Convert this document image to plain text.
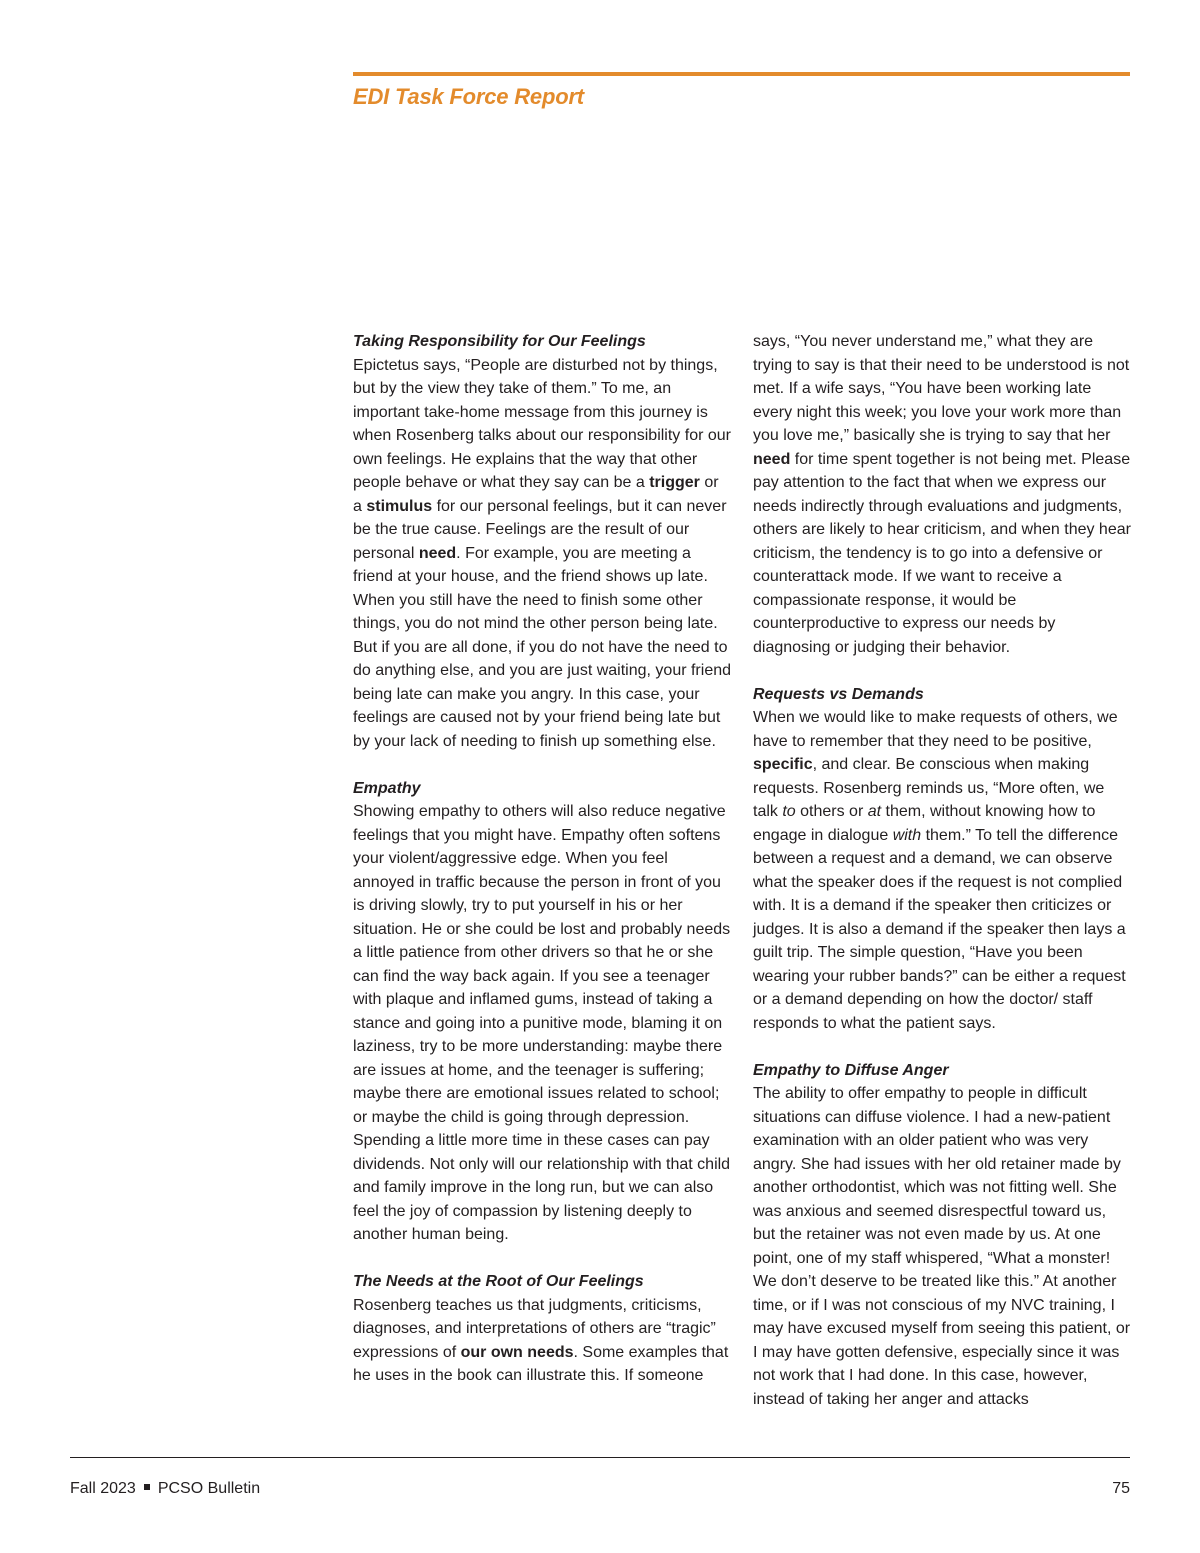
EDI Task Force Report
Taking Responsibility for Our Feelings

Epictetus says, “People are disturbed not by things, but by the view they take of them.” To me, an important take-home message from this journey is when Rosenberg talks about our responsibility for our own feelings. He explains that the way that other people behave or what they say can be a trigger or a stimulus for our personal feelings, but it can never be the true cause. Feelings are the result of our personal need. For example, you are meeting a friend at your house, and the friend shows up late. When you still have the need to finish some other things, you do not mind the other person being late. But if you are all done, if you do not have the need to do anything else, and you are just waiting, your friend being late can make you angry. In this case, your feelings are caused not by your friend being late but by your lack of needing to finish up something else.

Empathy

Showing empathy to others will also reduce negative feelings that you might have. Empathy often softens your violent/aggressive edge. When you feel annoyed in traffic because the person in front of you is driving slowly, try to put yourself in his or her situation. He or she could be lost and probably needs a little patience from other drivers so that he or she can find the way back again. If you see a teenager with plaque and inflamed gums, instead of taking a stance and going into a punitive mode, blaming it on laziness, try to be more understanding: maybe there are issues at home, and the teenager is suffering; maybe there are emotional issues related to school; or maybe the child is going through depression. Spending a little more time in these cases can pay dividends. Not only will our relationship with that child and family improve in the long run, but we can also feel the joy of compassion by listening deeply to another human being.

The Needs at the Root of Our Feelings

Rosenberg teaches us that judgments, criticisms, diagnoses, and interpretations of others are “tragic” expressions of our own needs. Some examples that he uses in the book can illustrate this. If someone

says, “You never understand me,” what they are trying to say is that their need to be understood is not met. If a wife says, “You have been working late every night this week; you love your work more than you love me,” basically she is trying to say that her need for time spent together is not being met. Please pay attention to the fact that when we express our needs indirectly through evaluations and judgments, others are likely to hear criticism, and when they hear criticism, the tendency is to go into a defensive or counterattack mode. If we want to receive a compassionate response, it would be counterproductive to express our needs by diagnosing or judging their behavior.

Requests vs Demands

When we would like to make requests of others, we have to remember that they need to be positive, specific, and clear. Be conscious when making requests. Rosenberg reminds us, “More often, we talk to others or at them, without knowing how to engage in dialogue with them.” To tell the difference between a request and a demand, we can observe what the speaker does if the request is not complied with. It is a demand if the speaker then criticizes or judges. It is also a demand if the speaker then lays a guilt trip. The simple question, “Have you been wearing your rubber bands?” can be either a request or a demand depending on how the doctor/ staff responds to what the patient says.

Empathy to Diffuse Anger

The ability to offer empathy to people in difficult situations can diffuse violence. I had a new-patient examination with an older patient who was very angry. She had issues with her old retainer made by another orthodontist, which was not fitting well. She was anxious and seemed disrespectful toward us, but the retainer was not even made by us. At one point, one of my staff whispered, “What a monster! We don’t deserve to be treated like this.” At another time, or if I was not conscious of my NVC training, I may have excused myself from seeing this patient, or I may have gotten defensive, especially since it was not work that I had done. In this case, however, instead of taking her anger and attacks

Fall 2023 PCSO Bulletin	75
